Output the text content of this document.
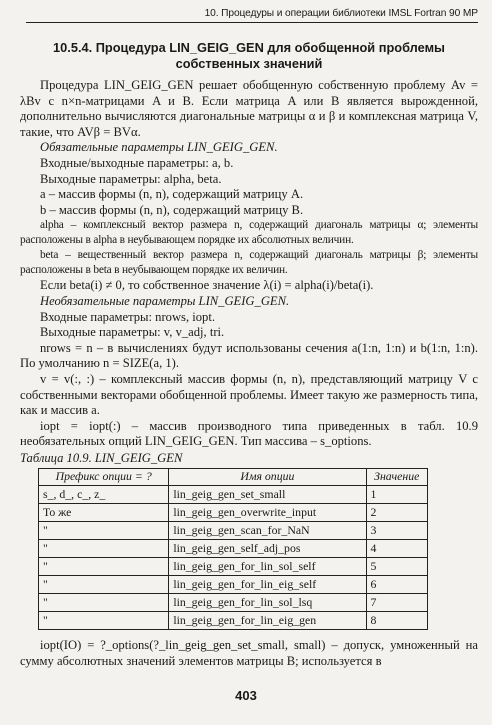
10. Процедуры и операции библиотеки IMSL Fortran 90 MP
10.5.4. Процедура LIN_GEIG_GEN для обобщенной проблемы собственных значений

Процедура LIN_GEIG_GEN решает обобщенную собственную проблему Av = λBv с n×n-матрицами A и B. Если матрица A или B является вырожденной, дополнительно вычисляются диагональные матрицы α и β и комплексная матрица V, такие, что AVβ = BVα.

Обязательные параметры LIN_GEIG_GEN.

Входные/выходные параметры: a, b.

Выходные параметры: alpha, beta.

a – массив формы (n, n), содержащий матрицу A.

b – массив формы (n, n), содержащий матрицу B.

alpha – комплексный вектор размера n, содержащий диагональ матрицы α; элементы расположены в alpha в неубывающем порядке их абсолютных величин.

beta – вещественный вектор размера n, содержащий диагональ матрицы β; элементы расположены в beta в неубывающем порядке их величин.

Если beta(i) ≠ 0, то собственное значение λ(i) = alpha(i)/beta(i).

Необязательные параметры LIN_GEIG_GEN.

Входные параметры: nrows, iopt.

Выходные параметры: v, v_adj, tri.

nrows = n – в вычислениях будут использованы сечения a(1:n, 1:n) и b(1:n, 1:n). По умолчанию n = SIZE(a, 1).

v = v(:, :) – комплексный массив формы (n, n), представляющий матрицу V с собственными векторами обобщенной проблемы. Имеет такую же размерность типа, как и массив a.

iopt = iopt(:) – массив производного типа приведенных в табл. 10.9 необязательных опций LIN_GEIG_GEN. Тип массива – s_options.

Таблица 10.9. LIN_GEIG_GEN
Префикс опции = ?	Имя опции	Значение
s_, d_, c_, z_	lin_geig_gen_set_small	1
То же	lin_geig_gen_overwrite_input	2
"	lin_geig_gen_scan_for_NaN	3
"	lin_geig_gen_self_adj_pos	4
"	lin_geig_gen_for_lin_sol_self	5
"	lin_geig_gen_for_lin_eig_self	6
"	lin_geig_gen_for_lin_sol_lsq	7
"	lin_geig_gen_for_lin_eig_gen	8

iopt(IO) = ?_options(?_lin_geig_gen_set_small, small) – допуск, умноженный на сумму абсолютных значений элементов матрицы B; используется в

403
